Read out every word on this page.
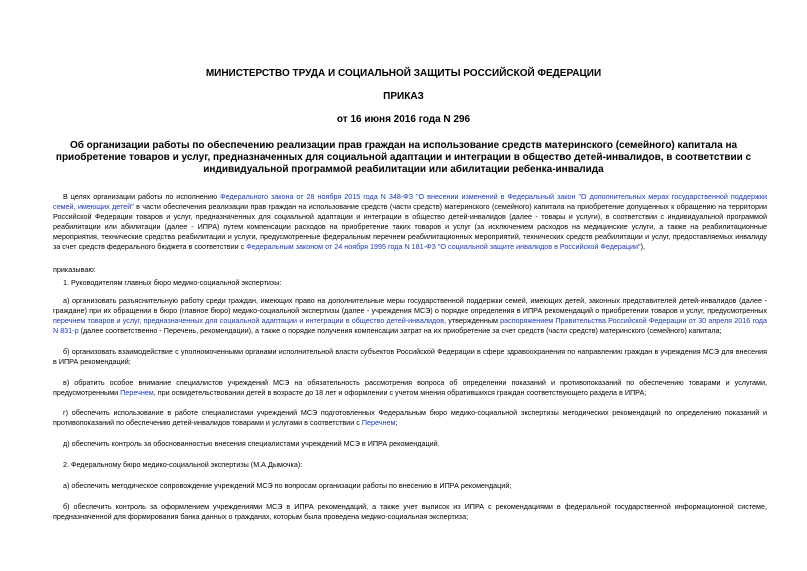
МИНИСТЕРСТВО ТРУДА И СОЦИАЛЬНОЙ ЗАЩИТЫ РОССИЙСКОЙ ФЕДЕРАЦИИ

ПРИКАЗ

от 16 июня 2016 года N 296

Об организации работы по обеспечению реализации прав граждан на использование средств материнского (семейного) капитала на приобретение товаров и услуг, предназначенных для социальной адаптации и интеграции в общество детей-инвалидов, в соответствии с индивидуальной программой реабилитации или абилитации ребенка-инвалида

В целях организации работы по исполнению Федерального закона от 28 ноября 2015 года N 348-ФЗ "О внесении изменений в Федеральный закон "О дополнительных мерах государственной поддержки семей, имеющих детей" в части обеспечения реализации прав граждан на использование средств (части средств) материнского (семейного) капитала на приобретение допущенных к обращению на территории Российской Федерации товаров и услуг, предназначенных для социальной адаптации и интеграции в общество детей-инвалидов (далее - товары и услуги), в соответствии с индивидуальной программой реабилитации или абилитации (далее - ИПРА) путем компенсации расходов на приобретение таких товаров и услуг (за исключением расходов на медицинские услуги, а также на реабилитационные мероприятия, технические средства реабилитации и услуги, предусмотренные федеральным перечнем реабилитационных мероприятий, технических средств реабилитации и услуг, предоставляемых инвалиду за счет средств федерального бюджета в соответствии с Федеральным законом от 24 ноября 1995 года N 181-ФЗ "О социальной защите инвалидов в Российской Федерации"),

приказываю:

1. Руководителям главных бюро медико-социальной экспертизы:

а) организовать разъяснительную работу среди граждан, имеющих право на дополнительные меры государственной поддержки семей, имеющих детей, законных представителей детей-инвалидов (далее - граждане) при их обращении в бюро (главное бюро) медико-социальной экспертизы (далее - учреждения МСЭ) о порядке определения в ИПРА рекомендаций о приобретении товаров и услуг, предусмотренных перечнем товаров и услуг, предназначенных для социальной адаптации и интеграции в общество детей-инвалидов, утвержденным распоряжением Правительства Российской Федерации от 30 апреля 2016 года N 831-р (далее соответственно - Перечень, рекомендации), а также о порядке получения компенсации затрат на их приобретение за счет средств (части средств) материнского (семейного) капитала;

б) организовать взаимодействие с уполномоченными органами исполнительной власти субъектов Российской Федерации в сфере здравоохранения по направлению граждан в учреждения МСЭ для внесения в ИПРА рекомендаций;

в) обратить особое внимание специалистов учреждений МСЭ на обязательность рассмотрения вопроса об определении показаний и противопоказаний по обеспечению товарами и услугами, предусмотренными Перечнем, при освидетельствовании детей в возрасте до 18 лет и оформлении с учетом мнения обратившихся граждан соответствующего раздела в ИПРА;

г) обеспечить использование в работе специалистами учреждений МСЭ подготовленных Федеральным бюро медико-социальной экспертизы методических рекомендаций по определению показаний и противопоказаний по обеспечению детей-инвалидов товарами и услугами в соответствии с Перечнем;

д) обеспечить контроль за обоснованностью внесения специалистами учреждений МСЭ в ИПРА рекомендаций.

2. Федеральному бюро медико-социальной экспертизы (М.А.Дымочка):

а) обеспечить методическое сопровождение учреждений МСЭ по вопросам организации работы по внесению в ИПРА рекомендаций;

б) обеспечить контроль за оформлением учреждениями МСЭ в ИПРА рекомендаций, а также учет выписок из ИПРА с рекомендациями в федеральной государственной информационной системе, предназначенной для формирования банка данных о гражданах, которым была проведена медико-социальная экспертиза;
